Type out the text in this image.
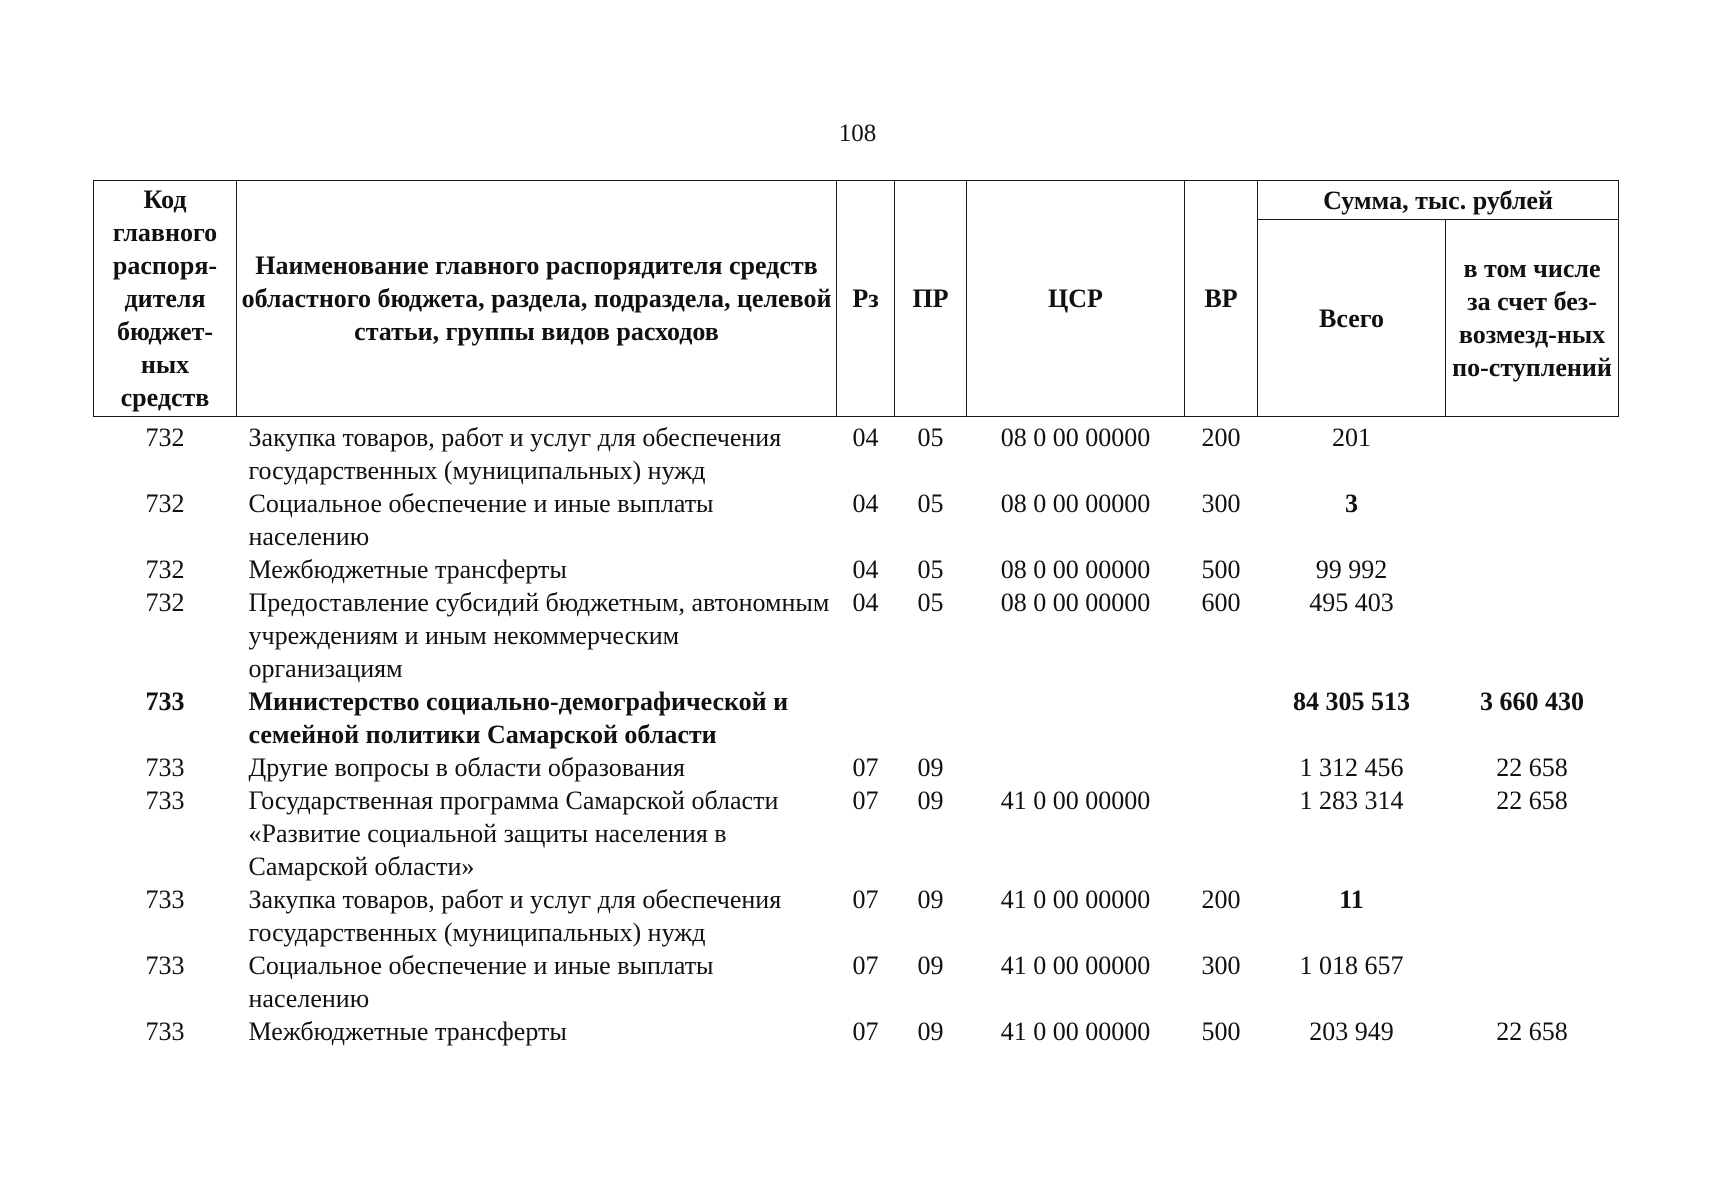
108
Код главного распоря-дителя бюджет-ных средств	Наименование главного распорядителя средств областного бюджета, раздела, подраздела, целевой статьи, группы видов расходов	Рз	ПР	ЦСР	ВР	Сумма, тыс. рублей	
						Всего	в том числе за счет без-возмезд-ных по-ступлений
732	Закупка товаров, работ и услуг для обеспечения государственных (муниципальных) нужд	04	05	08 0 00 00000	200	201	
732	Социальное обеспечение и иные выплаты населению	04	05	08 0 00 00000	300	3	
732	Межбюджетные трансферты	04	05	08 0 00 00000	500	99 992	
732	Предоставление субсидий бюджетным, автономным учреждениям и иным некоммерческим организациям	04	05	08 0 00 00000	600	495 403	
733	Министерство социально-демографической и семейной политики Самарской области					84 305 513	3 660 430
733	Другие вопросы в области образования	07	09			1 312 456	22 658
733	Государственная программа Самарской области «Развитие социальной защиты населения в Самарской области»	07	09	41 0 00 00000		1 283 314	22 658
733	Закупка товаров, работ и услуг для обеспечения государственных (муниципальных) нужд	07	09	41 0 00 00000	200	11	
733	Социальное обеспечение и иные выплаты населению	07	09	41 0 00 00000	300	1 018 657	
733	Межбюджетные трансферты	07	09	41 0 00 00000	500	203 949	22 658
